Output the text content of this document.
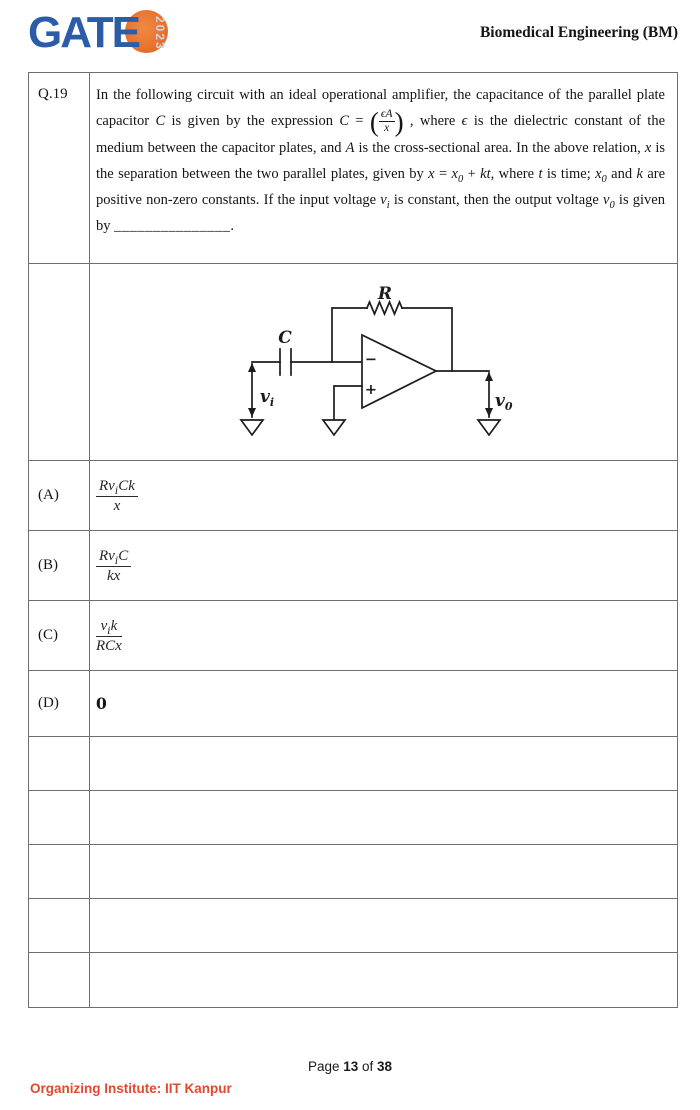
GATE 2023	Biomedical Engineering (BM)
Q.19	In the following circuit with an ideal operational amplifier, the capacitance of the parallel plate capacitor C is given by the expression C = ( $\frac{\epsilon A}{x}$ ) , where ϵ is the dielectric constant of the medium between the capacitor plates, and A is the cross-sectional area. In the above relation, x is the separation between the two parallel plates, given by $x = x_0$ + kt, where t is time; $x_0$ and k are positive non-zero constants. If the input voltage $v_i$ is constant, then the output voltage $v_0$ is given by _______________.
R
C
−
+
$v_i$	$v_0$
(A)	$\frac{Rv_iCk}{x}$
(B)	$\frac{Rv_iC}{kx}$
(C)	$\frac{v_ik}{\text{RCx}}$
(D)	0
Page 13 of 38
Organizing Institute: IIT Kanpur
